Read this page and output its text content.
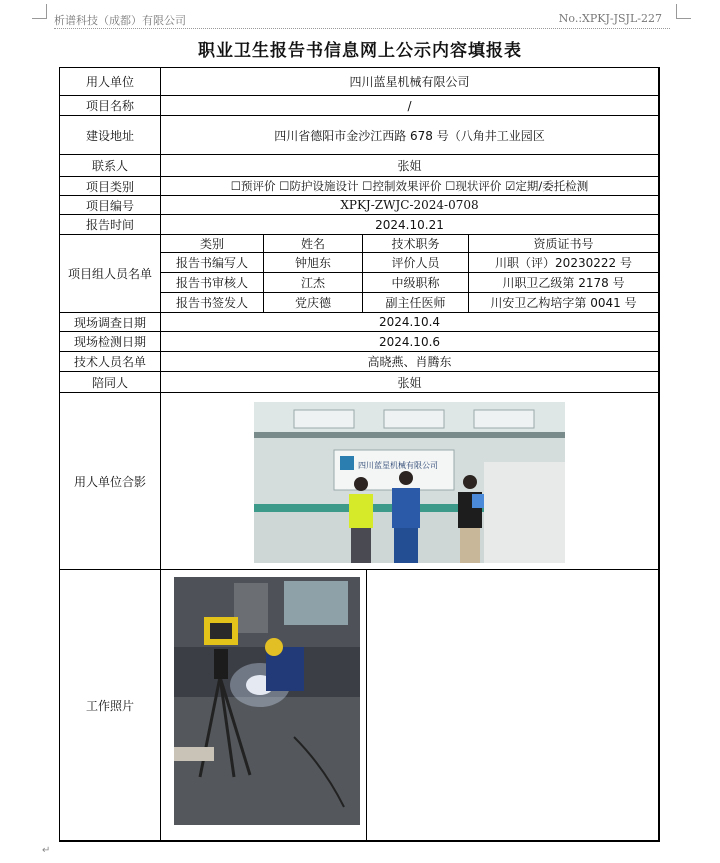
析谱科技（成都）有限公司	No.:XPKJ-JSJL-227
职业卫生报告书信息网上公示内容填报表
用人单位	四川蓝星机械有限公司
项目名称	/
建设地址	四川省德阳市金沙江西路 678 号（八角井工业园区
联系人	张姐
项目类别	☐预评价 ☐防护设施设计 ☐控制效果评价 ☐现状评价 ☑定期/委托检测
项目编号	XPKJ-ZWJC-2024-0708
报告时间	2024.10.21
项目组人员名单
类别	姓名	技术职务	资质证书号
报告书编写人	钟旭东	评价人员	川职（评）20230222 号
报告书审核人	江杰	中级职称	川职卫乙级第 2178 号
报告书签发人	党庆德	副主任医师	川安卫乙构培字第 0041 号
现场调查日期	2024.10.4
现场检测日期	2024.10.6
技术人员名单	高晓燕、肖腾东
陪同人	张姐
用人单位合影
工作照片
四川蓝星机械有限公司
↵
